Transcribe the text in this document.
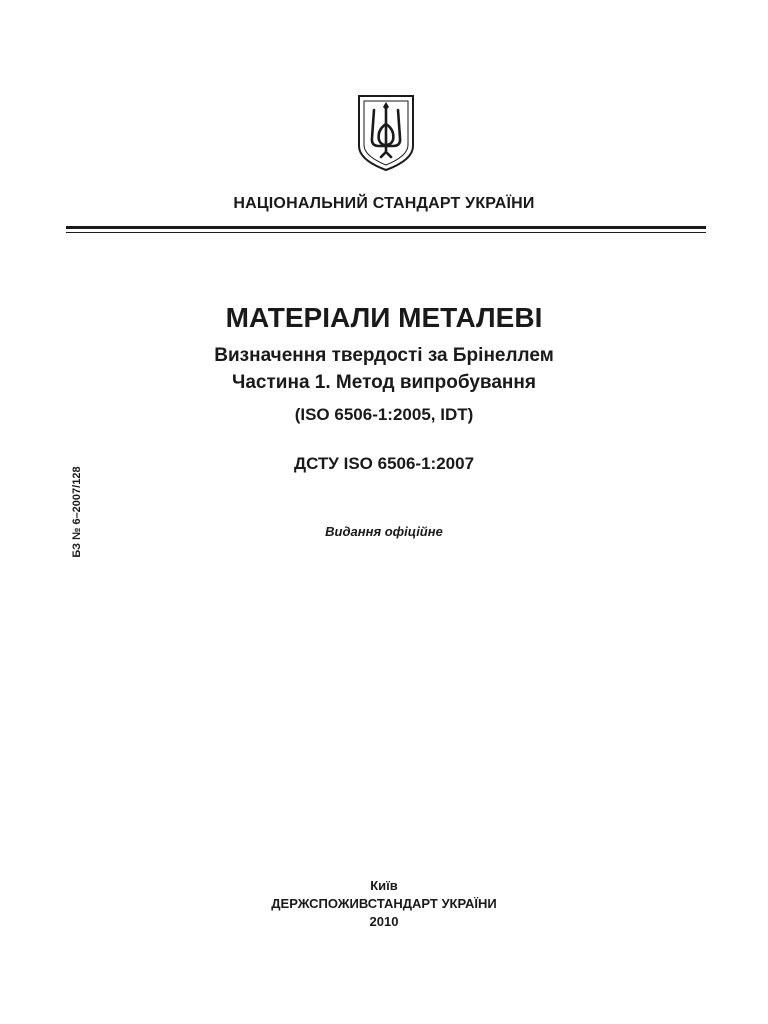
НАЦІОНАЛЬНИЙ СТАНДАРТ УКРАЇНИ
МАТЕРІАЛИ МЕТАЛЕВІ
Визначення твердості за Брінеллем
Частина 1. Метод випробування
(ISO 6506-1:2005, IDT)
ДСТУ ISO 6506-1:2007
Видання офіційне
БЗ № 6–2007/128
Київ
ДЕРЖСПОЖИВСТАНДАРТ УКРАЇНИ
2010
